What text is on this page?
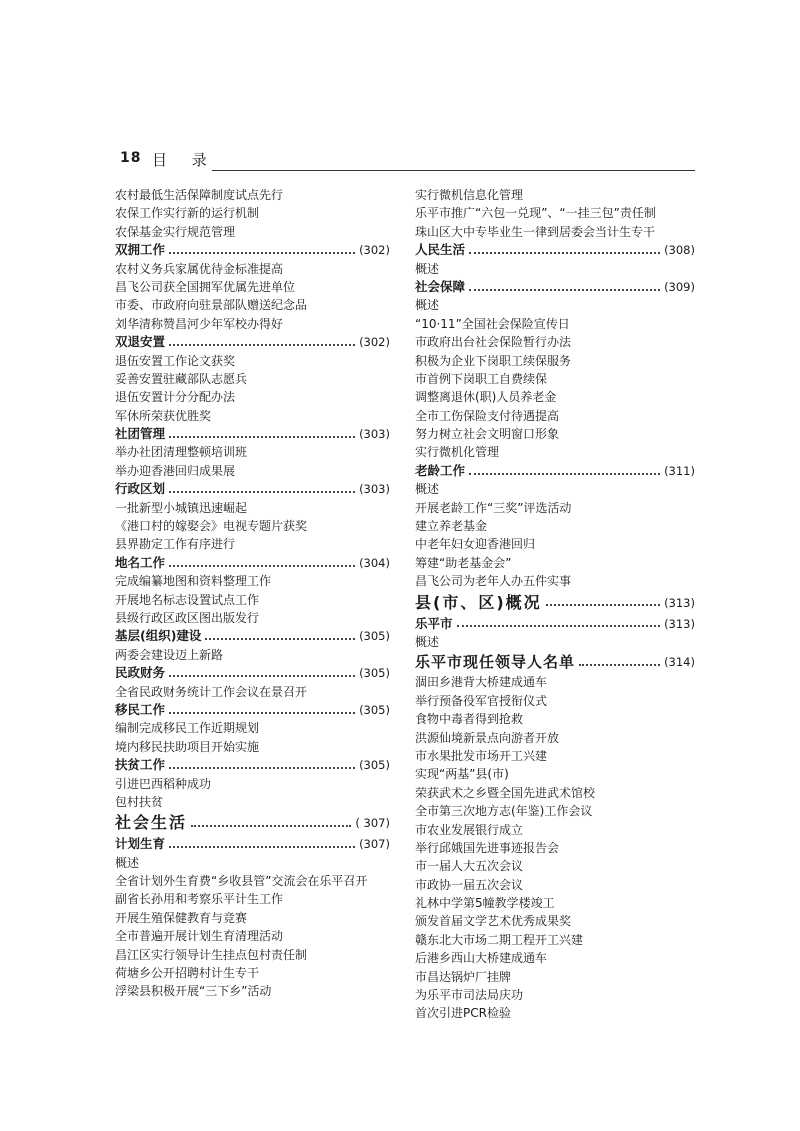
18 目 录
农村最低生活保障制度试点先行
农保工作实行新的运行机制
农保基金实行规范管理
双拥工作	(302)
农村义务兵家属优待金标准提高
昌飞公司获全国拥军优属先进单位
市委、市政府向驻景部队赠送纪念品
刘华清称赞昌河少年军校办得好
双退安置	(302)
退伍安置工作论文获奖
妥善安置驻藏部队志愿兵
退伍安置计分分配办法
军休所荣获优胜奖
社团管理	(303)
举办社团清理整顿培训班
举办迎香港回归成果展
行政区划	(303)
一批新型小城镇迅速崛起
《港口村的嫁娶会》电视专题片获奖
县界勘定工作有序进行
地名工作	(304)
完成编纂地图和资料整理工作
开展地名标志设置试点工作
县级行政区政区图出版发行
基层(组织)建设	(305)
两委会建设迈上新路
民政财务	(305)
全省民政财务统计工作会议在景召开
移民工作	(305)
编制完成移民工作近期规划
境内移民扶助项目开始实施
扶贫工作	(305)
引进巴西稻种成功
包村扶贫
社会生活	( 307)
计划生育	(307)
概述
全省计划外生育费“乡收县管”交流会在乐平召开
副省长孙用和考察乐平计生工作
开展生殖保健教育与竞赛
全市普遍开展计划生育清理活动
昌江区实行领导计生挂点包村责任制
荷塘乡公开招聘村计生专干
浮梁县积极开展“三下乡”活动
实行微机信息化管理
乐平市推广“六包一兑现”、“一挂三包”责任制
珠山区大中专毕业生一律到居委会当计生专干
人民生活	(308)
概述
社会保障	(309)
概述
“10·11”全国社会保险宣传日
市政府出台社会保险暂行办法
积极为企业下岗职工续保服务
市首例下岗职工自费续保
调整离退休(职)人员养老金
全市工伤保险支付待遇提高
努力树立社会文明窗口形象
实行微机化管理
老龄工作	(311)
概述
开展老龄工作“三奖”评选活动
建立养老基金
中老年妇女迎香港回归
筹建“助老基金会”
昌飞公司为老年人办五件实事
县(市、区)概况	(313)
乐平市	(313)
概述
乐平市现任领导人名单	(314)
涸田乡港背大桥建成通车
举行预备役军官授衔仪式
食物中毒者得到抢救
洪源仙境新景点向游者开放
市水果批发市场开工兴建
实现“两基”县(市)
荣获武术之乡暨全国先进武术馆校
全市第三次地方志(年鉴)工作会议
市农业发展银行成立
举行邱娥国先进事迹报告会
市一届人大五次会议
市政协一届五次会议
礼林中学第5幢教学楼竣工
颁发首届文学艺术优秀成果奖
赣东北大市场二期工程开工兴建
后港乡西山大桥建成通车
市昌达锅炉厂挂牌
为乐平市司法局庆功
首次引进PCR检验
